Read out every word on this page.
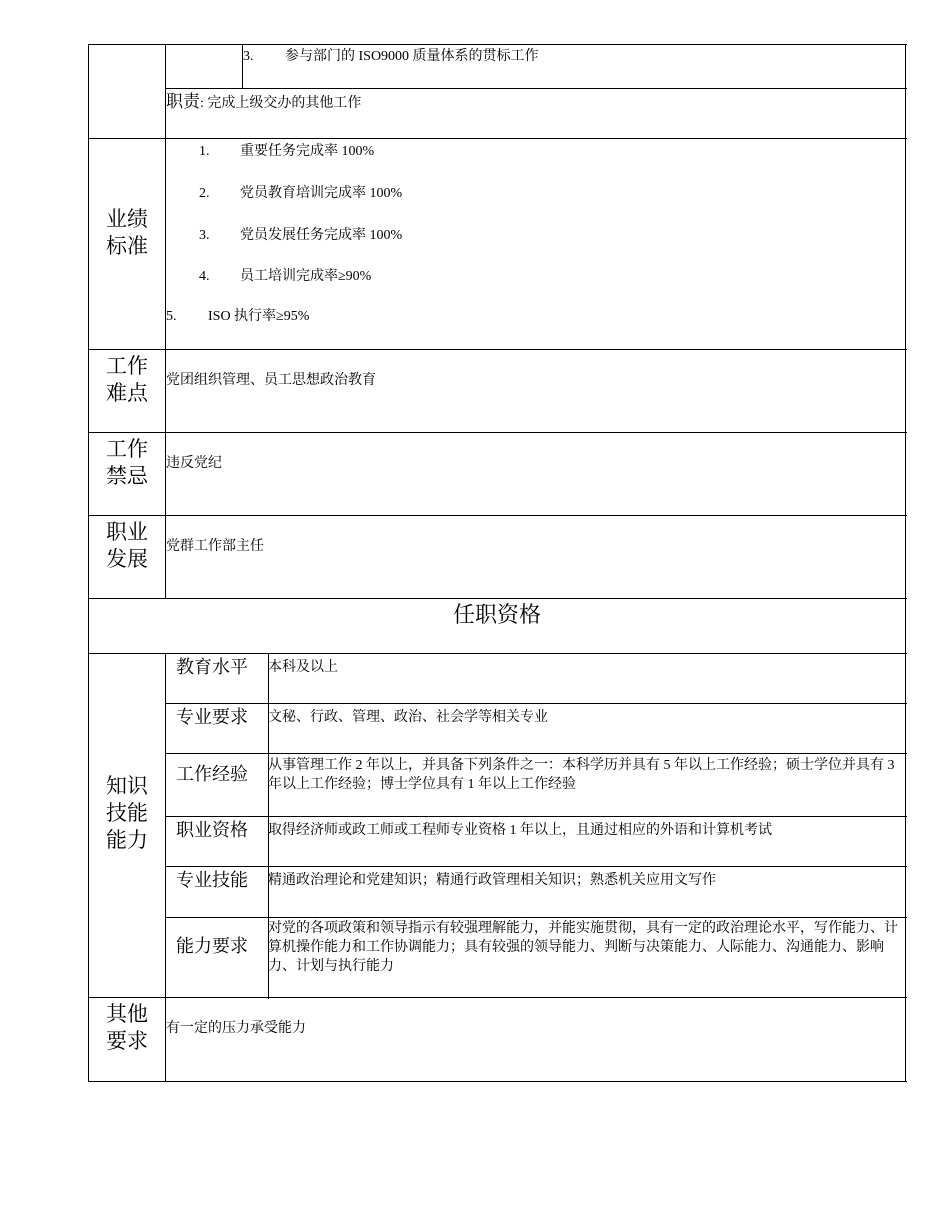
3. 参与部门的 ISO9000 质量体系的贯标工作
职责: 完成上级交办的其他工作
业绩
标准
1. 重要任务完成率 100%
2. 党员教育培训完成率 100%
3. 党员发展任务完成率 100%
4. 员工培训完成率≥90%
5. ISO 执行率≥95%
工作
难点
党团组织管理、员工思想政治教育
工作
禁忌
违反党纪
职业
发展
党群工作部主任
任职资格
知识
技能
能力
教育水平 本科及以上
专业要求 文秘、行政、管理、政治、社会学等相关专业
工作经验 从事管理工作 2 年以上，并具备下列条件之一：本科学历并具有 5 年以上工作经验；硕士学位并具有 3 年以上工作经验；博士学位具有 1 年以上工作经验
职业资格 取得经济师或政工师或工程师专业资格 1 年以上，且通过相应的外语和计算机考试
专业技能 精通政治理论和党建知识；精通行政管理相关知识；熟悉机关应用文写作
能力要求
对党的各项政策和领导指示有较强理解能力，并能实施贯彻，具有一定的政治理论水平，写作能力、计算机操作能力和工作协调能力；具有较强的领导能力、判断与决策能力、人际能力、沟通能力、影响力、计划与执行能力
其他
要求
有一定的压力承受能力
